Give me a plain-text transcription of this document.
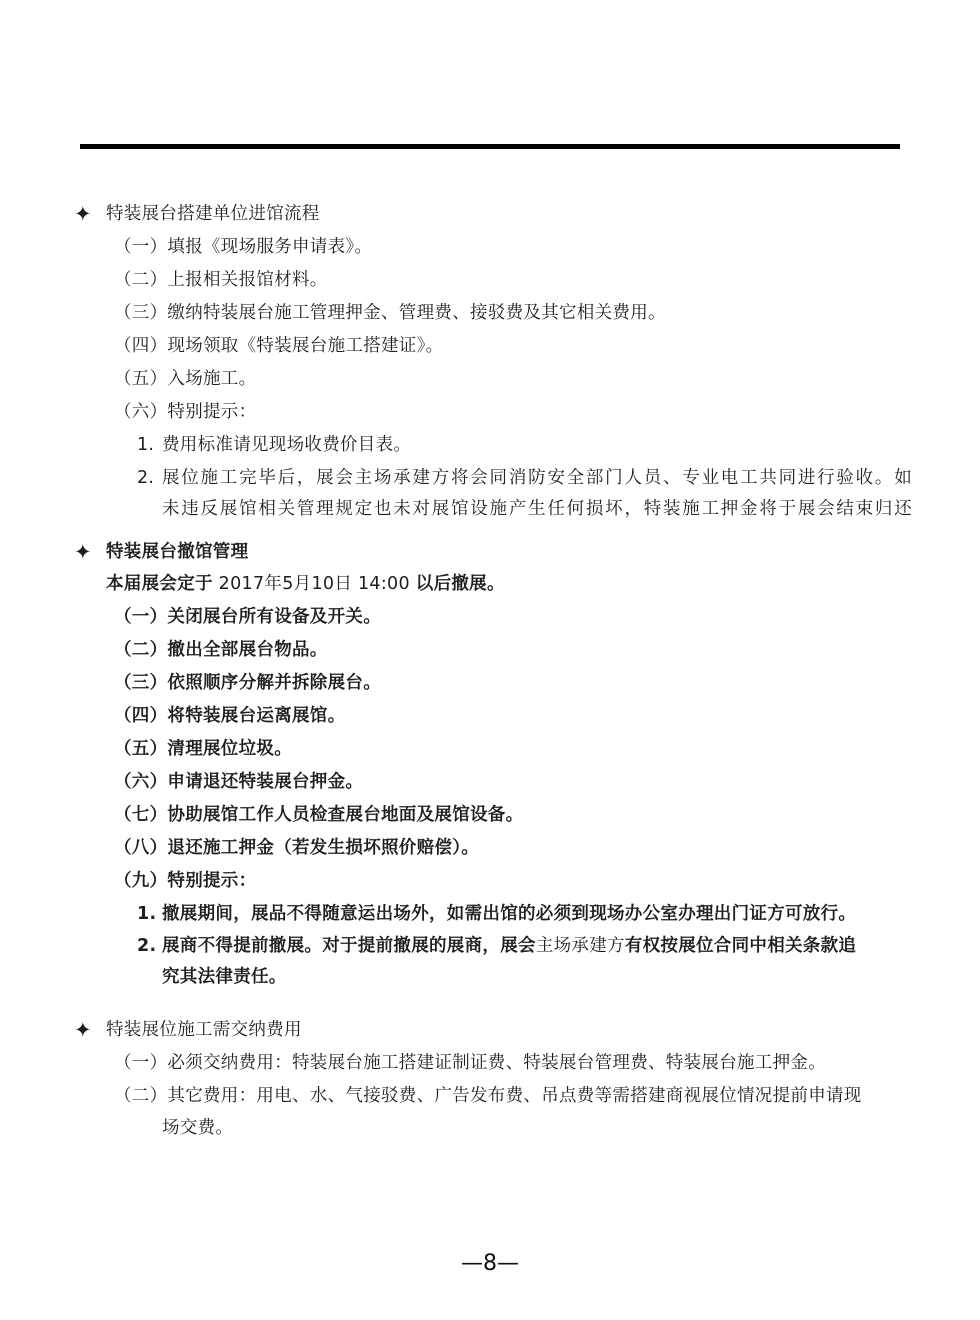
✦ 特装展台搭建单位进馆流程
（一）填报《现场服务申请表》。
（二）上报相关报馆材料。
（三）缴纳特装展台施工管理押金、管理费、接驳费及其它相关费用。
（四）现场领取《特装展台施工搭建证》。
（五）入场施工。
（六）特别提示：
1. 费用标准请见现场收费价目表。
2. 展位施工完毕后，展会主场承建方将会同消防安全部门人员、专业电工共同进行验收。如
未违反展馆相关管理规定也未对展馆设施产生任何损坏，特装施工押金将于展会结束归还
✦ 特装展台撤馆管理
本届展会定于 2017年5月10日 14:00 以后撤展。
（一）关闭展台所有设备及开关。
（二）撤出全部展台物品。
（三）依照顺序分解并拆除展台。
（四）将特装展台运离展馆。
（五）清理展位垃圾。
（六）申请退还特装展台押金。
（七）协助展馆工作人员检查展台地面及展馆设备。
（八）退还施工押金（若发生损坏照价赔偿）。
（九）特别提示：
1. 撤展期间，展品不得随意运出场外，如需出馆的必须到现场办公室办理出门证方可放行。
2. 展商不得提前撤展。对于提前撤展的展商，展会主场承建方有权按展位合同中相关条款追
究其法律责任。
✦ 特装展位施工需交纳费用
（一）必须交纳费用：特装展台施工搭建证制证费、特装展台管理费、特装展台施工押金。
（二）其它费用：用电、水、气接驳费、广告发布费、吊点费等需搭建商视展位情况提前申请现
场交费。
—8—
